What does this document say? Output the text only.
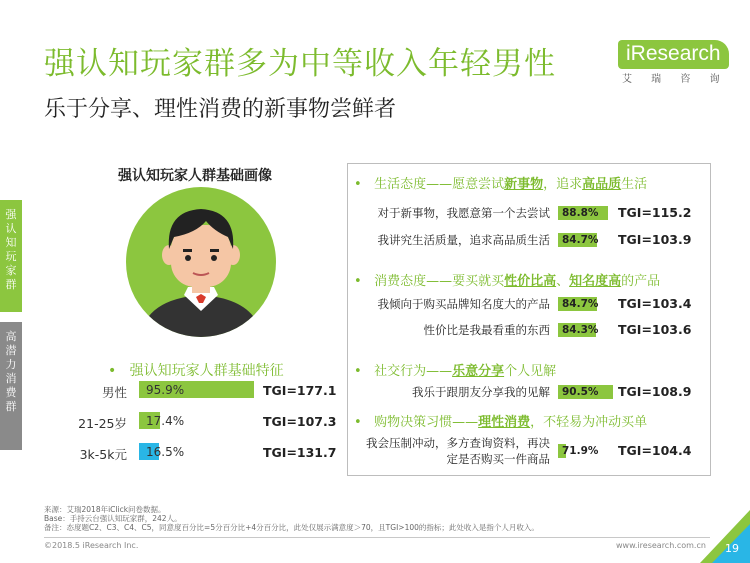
强认知玩家群多为中等收入年轻男性
乐于分享、理性消费的新事物尝鲜者
iResearch
艾 瑞 咨 询
强
认
知
玩
家
群
高
潜
力
消
费
群
强认知玩家人群基础画像
• 强认知玩家人群基础特征
男性 95.9%	TGI=177.1
21-25岁 17.4%	TGI=107.3
3k-5k元 16.5%	TGI=131.7
•   生活态度——愿意尝试新事物，追求高品质生活
对于新事物，我愿意第一个去尝试 88.8% TGI=115.2
我讲究生活质量，追求高品质生活 84.7% TGI=103.9
•   消费态度——要买就买性价比高、知名度高的产品
我倾向于购买品牌知名度大的产品 84.7% TGI=103.4
性价比是我最看重的东西 84.3% TGI=103.6
•   社交行为——乐意分享个人见解
我乐于跟朋友分享我的见解 90.5% TGI=108.9
•   购物决策习惯——理性消费，不轻易为冲动买单
我会压制冲动，多方查询资料，再决定是否购买一件商品
71.9% TGI=104.4
来源：艾瑞2018年iClick问卷数据。
Base：手持云台强认知玩家群，242人。
备注：态度题C2、C3、C4、C5，同意度百分比=5分百分比+4分百分比，此处仅展示满意度＞70，且TGI>100的指标；此处收入是指个人月收入。
©2018.5 iResearch Inc.	www.iresearch.com.cn 19
